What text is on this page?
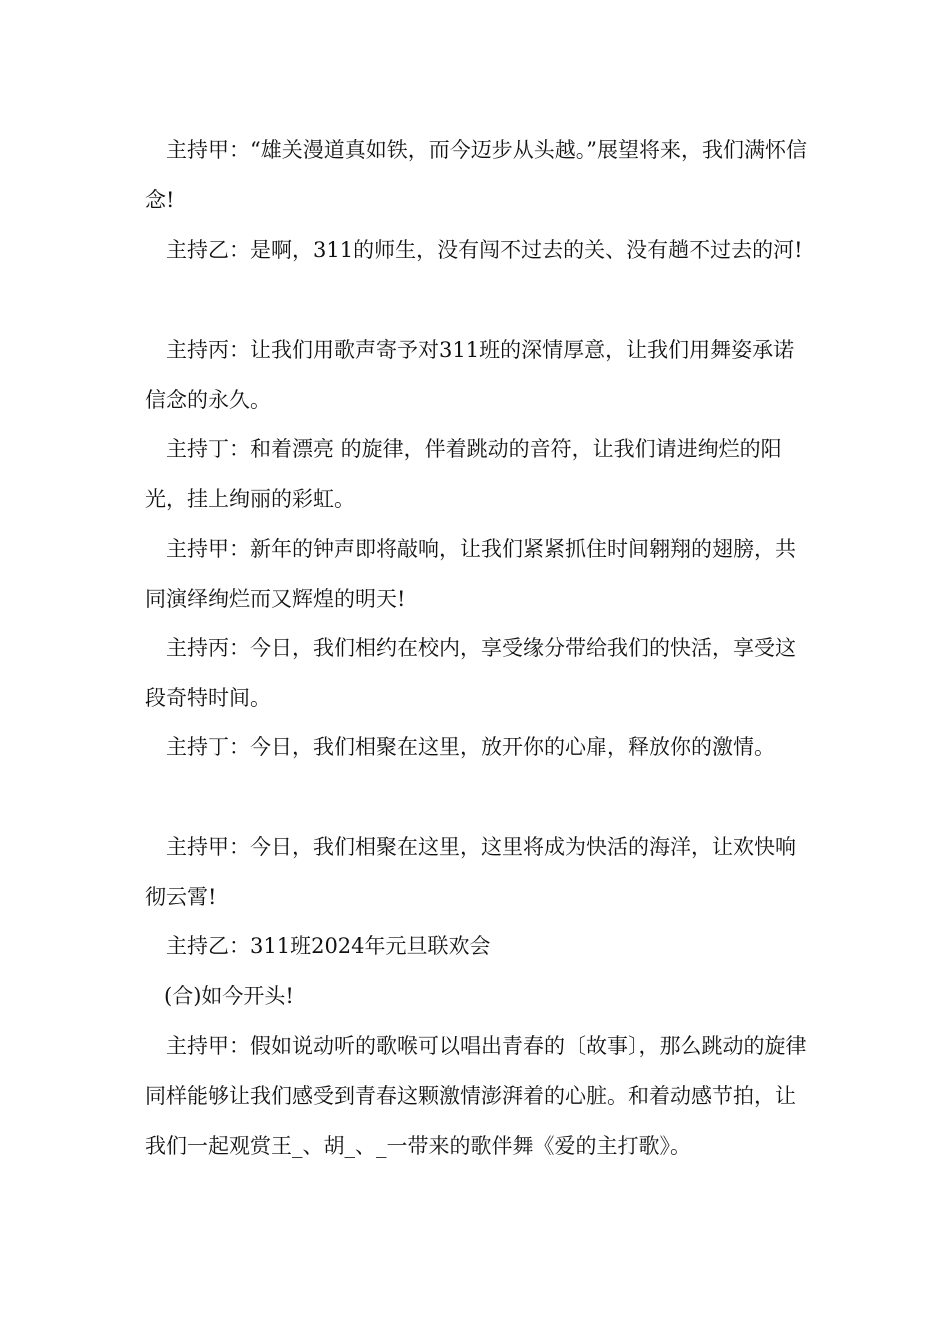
主持甲：“雄关漫道真如铁，而今迈步从头越。”展望将来，我们满怀信念!

主持乙：是啊，311的师生，没有闯不过去的关、没有趟不过去的河!

主持丙：让我们用歌声寄予对311班的深情厚意，让我们用舞姿承诺信念的永久。

主持丁：和着漂亮 的旋律，伴着跳动的音符，让我们请进绚烂的阳光，挂上绚丽的彩虹。

主持甲：新年的钟声即将敲响，让我们紧紧抓住时间翱翔的翅膀，共同演绎绚烂而又辉煌的明天!

主持丙：今日，我们相约在校内，享受缘分带给我们的快活，享受这段奇特时间。

主持丁：今日，我们相聚在这里，放开你的心扉，释放你的激情。

主持甲：今日，我们相聚在这里，这里将成为快活的海洋，让欢快响彻云霄!

主持乙：311班2024年元旦联欢会

(合)如今开头!

主持甲：假如说动听的歌喉可以唱出青春的〔故事〕，那么跳动的旋律同样能够让我们感受到青春这颗激情澎湃着的心脏。和着动感节拍，让我们一起观赏王_、胡_、_一带来的歌伴舞《爱的主打歌》。
